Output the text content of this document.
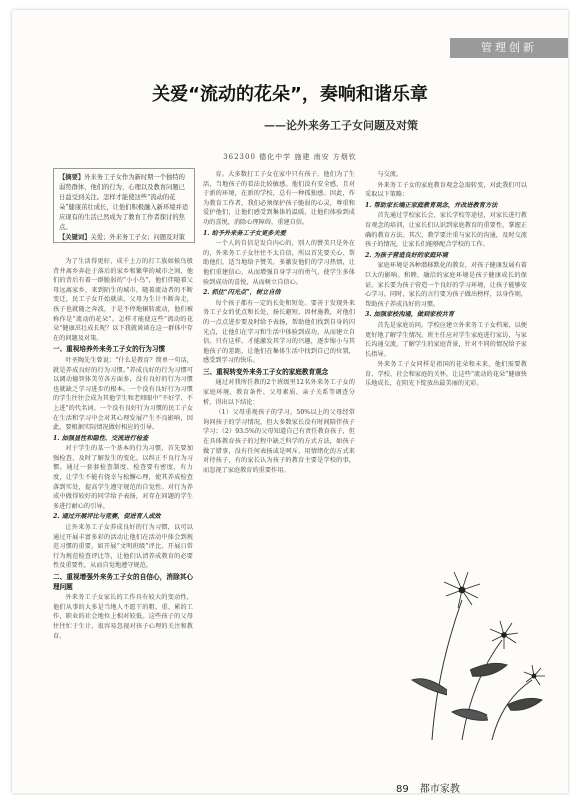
管理创新
关爱“流动的花朵”，奏响和谐乐章
——论外来务工子女问题及对策
362300 德化中学 施建 南安 方烟钦
【摘要】外来务工子女作为新时期一个独特的弱势群体，他们的行为、心理以及教育问题已日益受到关注。怎样才能使这些“流动的花朵”健康茁壮成长，让他们积极融入新环境并适应现有的生活已然成为了教育工作者探讨的焦点。
【关键词】关爱；外来务工子女；问题及对策

为了生活得更好，成千上万的打工族如候鸟般背井离乡奔赴于落后的家乡和繁华的城市之间，他们的背后有着一群脆弱的“小小鸟”，他们伴随着父母远离家乡，来到陌生的城市，随着流动者的不断变迁，民工子女开始就读，父母为生计不断奔走，孩子也就随之奔波，于是不停地辗转流动，他们被称作是“流动的花朵”。怎样才能使这些“流动的花朵”健康茁壮成长呢？以下我就谈谈在这一群体中存在的问题及对策。

一、重视培养外来务工子女的行为习惯

叶圣陶先生曾说：“什么是教育？简单一句话，就是养成良好的行为习惯。”养成良好的行为习惯可以调动德智体美劳各方面多，没有良好的行为习惯也就缺乏学习进步的根本。一个没有良好行为习惯的学生往往会成为其他学生和老师眼中“不好学、不上进”的代名词。一个没有良好行为习惯的民工子女在生活和学习中会对其心理发展产生不良影响，因此，要根据实际情况做好相应的引导。

1. 加强显性和隐性、交流进行检查

对于学生的某一个基本的行为习惯，首先要加强检查，及时了解发生的变化，以纠正不良行为习惯。通过一套套检查制度、检查要有密度，有力度，让学生不能有侥幸与松懈心理，使其养成检查落到实处，提高学生遵守规范的自觉性。对行为养成中做得较好的同学给予表扬，对存在问题的学生多进行耐心的引导。

2. 通过开展评比与竞赛，促进育人成效

让外来务工子女养成良好的行为习惯，以可以通过开展丰富多彩的活动让他们在活动中体会到规范习惯的重要，如开展“文明班级”评比、开展日常行为规范检查评比等，让他们认清养成教育的必要性及重要性，从而自觉地遵守规范。

二、重视增强外来务工子女的自信心，消除其心理问题

外来务工子女家长的工作具有较大的变动性，他们从事的大多是当地人不愿干的粗、重、累的工作，职业的社会地位上相对较低。这些孩子的父母往往忙于生计，很容易忽视对孩子心理的关注和教育。

育。大多数打工子女在家中只有孩子，他们为了生活，当地孩子的看法比较敏感。他们没有安全感，且对于新的环境，在新的学校，总有一种孤独感。因此，作为教育工作者，我们必须保护孩子脆弱的心灵，尊重和爱护他们，让他们感受到集体的温暖，让他们体验到成功的喜悦，消除心理障碍，重建自信。

1. 给予外来务工子女更多关爱

一个人的自信是发自内心的，别人的赞美只是外在的，外来务工子女往往不太自信，所以首先要关心、帮助他们，适当地给予赞美，多激发他们的学习热情，让他们重建信心，从而增强自身学习的勇气，使学生多体验到成功的喜悦，从而树立自信心。

2. 抓住“闪光点”，树立自信

每个孩子都有一定的长处和短处。要善于发现外来务工子女的优点和长处，扬长避短，因材施教，对他们的一点点进步要及时给予表扬，帮助他们找到自身的闪光点，让他们在学习和生活中体验到成功，从而建立自信。只有这样，才能激发其学习的兴趣，逐步缩小与其他孩子的差距，让他们在集体生活中找到自己的位置，感受到学习的快乐。

三、重视转变外来务工子女的家庭教育观念

通过对我所任教的2个班级里12名外来务工子女的家庭环境、教育条件、父母素质、亲子关系等调查分析，得出以下结论：

（1）父母重视孩子的学习，50%以上的父母经常询问孩子的学习情况，但大多数家长没有时间陪伴孩子学习；（2）93.5%的父母知道自己有责任教育孩子，但在具体教育孩子的过程中缺乏科学的方式方法，如孩子做了错事，没有任何表扬或是呵斥，用情绪化的方式来对待孩子，有的家长认为孩子的教育主要是学校的事，而忽视了家庭教育的重要作用。

与交流。

外来务工子女的家庭教育观念急需转变，对此我们可以采取以下策略：

1. 帮助家长端正家庭教育观念，并改进教育方法

首先通过学校家长会、家长学校等途径，对家长进行教育观念的培训，让家长们认识到家庭教育的重要性，掌握正确的教育方法。其次，教学要注重与家长的沟通，及时交流孩子的情况，让家长们能够配合学校的工作。

2. 为孩子营造良好的家庭环境

家庭环境是各种潜移默化的教育，对孩子健康发展有着巨大的影响。和睦、融洽的家庭环境是孩子健康成长的保证。家长要为孩子营造一个良好的学习环境，让孩子能够安心学习。同时，家长的言行要为孩子做出榜样，以身作则，帮助孩子养成良好的习惯。

3. 加强家校沟通，做到家校共育

首先是家庭访问。学校应建立外来务工子女档案，以便更好地了解学生情况。班主任应对学生家庭进行家访，与家长沟通交流，了解学生的家庭背景，针对不同的情况给予家长指导。

外来务工子女同样是祖国的花朵和未来，他们需要教育、学校、社会和家庭的关怀，让这些“流动的花朵”健康快乐地成长，在阳光下绽放出最美丽的光彩。

89 都市家教
